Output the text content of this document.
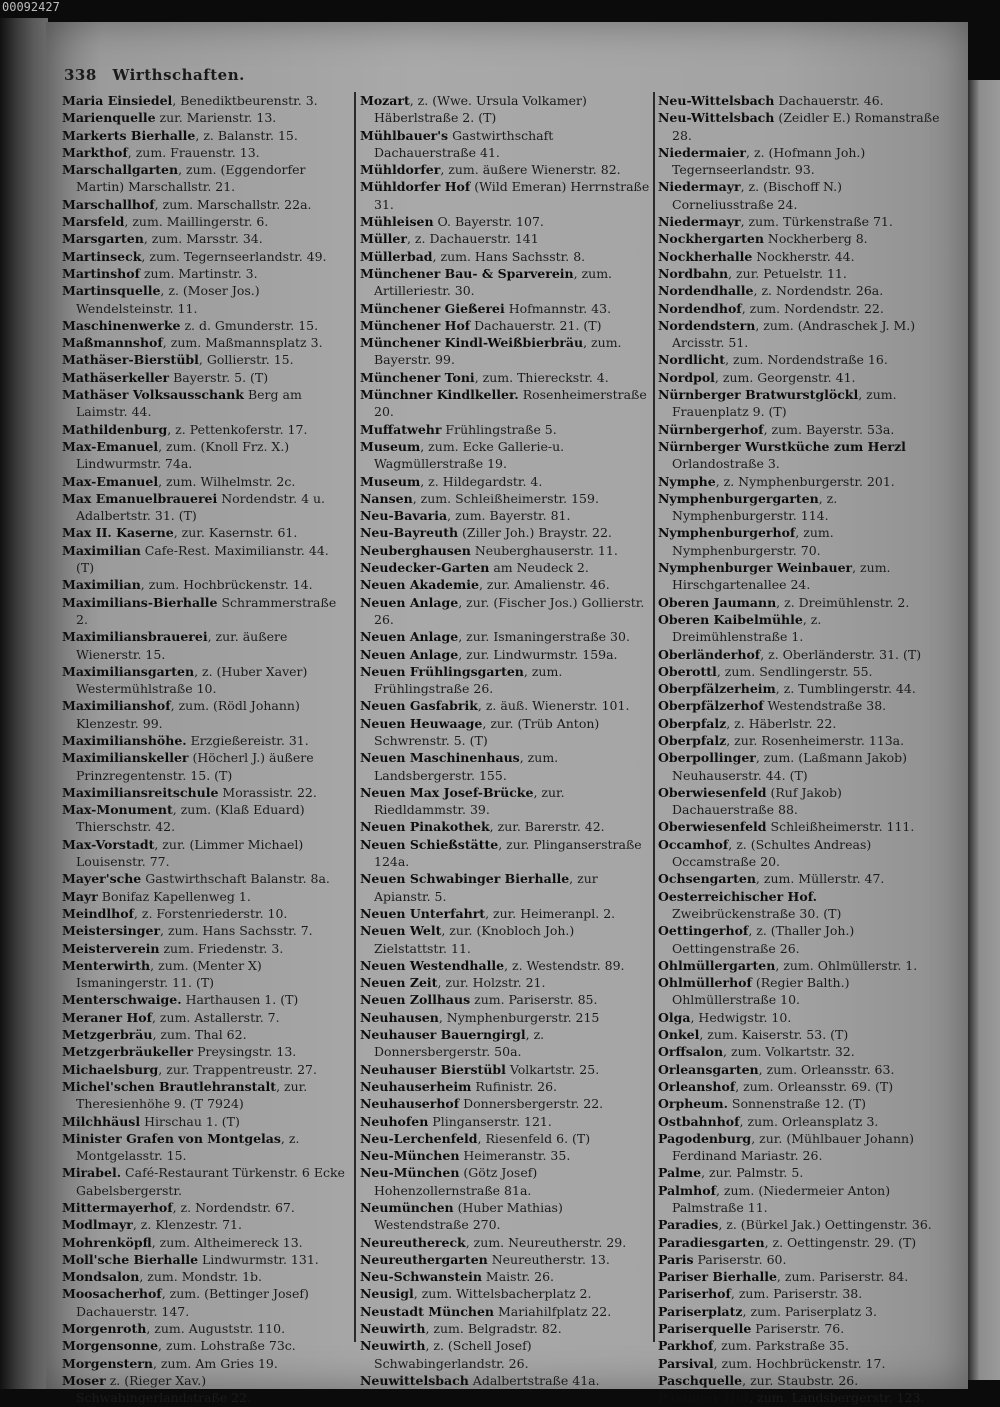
00092427
338 Wirthschaften.
Maria Einsiedel, Benediktbeurenstr. 3.
Marienquelle zur. Marienstr. 13.
Markerts Bierhalle, z. Balanstr. 15.
Markthof, zum. Frauenstr. 13.
Marschallgarten, zum. (Eggendorfer Martin) Marschallstr. 21.
Marschallhof, zum. Marschallstr. 22a.
Marsfeld, zum. Maillingerstr. 6.
Marsgarten, zum. Marsstr. 34.
Martinseck, zum. Tegernseerlandstr. 49.
Martinshof zum. Martinstr. 3.
Martinsquelle, z. (Moser Jos.) Wendelsteinstr. 11.
Maschinenwerke z. d. Gmunderstr. 15.
Maßmannshof, zum. Maßmannsplatz 3.
Mathäser-Bierstübl, Gollierstr. 15.
Mathäserkeller Bayerstr. 5. (T)
Mathäser Volksausschank Berg am Laimstr. 44.
Mathildenburg, z. Pettenkoferstr. 17.
Max-Emanuel, zum. (Knoll Frz. X.) Lindwurmstr. 74a.
Max-Emanuel, zum. Wilhelmstr. 2c.
Max Emanuelbrauerei Nordendstr. 4 u. Adalbertstr. 31. (T)
Max II. Kaserne, zur. Kasernstr. 61.
Maximilian Cafe-Rest. Maximilianstr. 44. (T)
Maximilian, zum. Hochbrückenstr. 14.
Maximilians-Bierhalle Schrammerstraße 2.
Maximiliansbrauerei, zur. äußere Wienerstr. 15.
Maximiliansgarten, z. (Huber Xaver) Westermühlstraße 10.
Maximilianshof, zum. (Rödl Johann) Klenzestr. 99.
Maximilianshöhe. Erzgießereistr. 31.
Maximilianskeller (Höcherl J.) äußere Prinzregentenstr. 15. (T)
Maximiliansreitschule Morassistr. 22.
Max-Monument, zum. (Klaß Eduard) Thierschstr. 42.
Max-Vorstadt, zur. (Limmer Michael) Louisenstr. 77.
Mayer'sche Gastwirthschaft Balanstr. 8a.
Mayr Bonifaz Kapellenweg 1.
Meindlhof, z. Forstenriederstr. 10.
Meistersinger, zum. Hans Sachsstr. 7.
Meisterverein zum. Friedenstr. 3.
Menterwirth, zum. (Menter X) Ismaningerstr. 11. (T)
Menterschwaige. Harthausen 1. (T)
Meraner Hof, zum. Astallerstr. 7.
Metzgerbräu, zum. Thal 62.
Metzgerbräukeller Preysingstr. 13.
Michaelsburg, zur. Trappentreustr. 27.
Michel'schen Brautlehranstalt, zur. Theresienhöhe 9. (T 7924)
Milchhäusl Hirschau 1. (T)
Minister Grafen von Montgelas, z. Montgelasstr. 15.
Mirabel. Café-Restaurant Türkenstr. 6 Ecke Gabelsbergerstr.
Mittermayerhof, z. Nordendstr. 67.
Modlmayr, z. Klenzestr. 71.
Mohrenköpfl, zum. Altheimereck 13.
Moll'sche Bierhalle Lindwurmstr. 131.
Mondsalon, zum. Mondstr. 1b.
Moosacherhof, zum. (Bettinger Josef) Dachauerstr. 147.
Morgenroth, zum. Auguststr. 110.
Morgensonne, zum. Lohstraße 73c.
Morgenstern, zum. Am Gries 19.
Moser z. (Rieger Xav.) Schwabingerlandstraße 22.
Mozart, z. (Wwe. Ursula Volkamer) Häberlstraße 2. (T)
Mühlbauer's Gastwirthschaft Dachauerstraße 41.
Mühldorfer, zum. äußere Wienerstr. 82.
Mühldorfer Hof (Wild Emeran) Herrnstraße 31.
Mühleisen O. Bayerstr. 107.
Müller, z. Dachauerstr. 141
Müllerbad, zum. Hans Sachsstr. 8.
Münchener Bau- & Sparverein, zum. Artilleriestr. 30.
Münchener Gießerei Hofmannstr. 43.
Münchener Hof Dachauerstr. 21. (T)
Münchener Kindl-Weißbierbräu, zum. Bayerstr. 99.
Münchener Toni, zum. Thiereckstr. 4.
Münchner Kindlkeller. Rosenheimerstraße 20.
Muffatwehr Frühlingstraße 5.
Museum, zum. Ecke Gallerie-u. Wagmüllerstraße 19.
Museum, z. Hildegardstr. 4.
Nansen, zum. Schleißheimerstr. 159.
Neu-Bavaria, zum. Bayerstr. 81.
Neu-Bayreuth (Ziller Joh.) Braystr. 22.
Neuberghausen Neuberghauserstr. 11.
Neudecker-Garten am Neudeck 2.
Neuen Akademie, zur. Amalienstr. 46.
Neuen Anlage, zur. (Fischer Jos.) Gollierstr. 26.
Neuen Anlage, zur. Ismaningerstraße 30.
Neuen Anlage, zur. Lindwurmstr. 159a.
Neuen Frühlingsgarten, zum. Frühlingstraße 26.
Neuen Gasfabrik, z. äuß. Wienerstr. 101.
Neuen Heuwaage, zur. (Trüb Anton) Schwrenstr. 5. (T)
Neuen Maschinenhaus, zum. Landsbergerstr. 155.
Neuen Max Josef-Brücke, zur. Riedldammstr. 39.
Neuen Pinakothek, zur. Barerstr. 42.
Neuen Schießstätte, zur. Plinganserstraße 124a.
Neuen Schwabinger Bierhalle, zur Apianstr. 5.
Neuen Unterfahrt, zur. Heimeranpl. 2.
Neuen Welt, zur. (Knobloch Joh.) Zielstattstr. 11.
Neuen Westendhalle, z. Westendstr. 89.
Neuen Zeit, zur. Holzstr. 21.
Neuen Zollhaus zum. Pariserstr. 85.
Neuhausen, Nymphenburgerstr. 215
Neuhauser Bauerngirgl, z. Donnersbergerstr. 50a.
Neuhauser Bierstübl Volkartstr. 25.
Neuhauserheim Rufinistr. 26.
Neuhauserhof Donnersbergerstr. 22.
Neuhofen Plinganserstr. 121.
Neu-Lerchenfeld, Riesenfeld 6. (T)
Neu-München Heimeranstr. 35.
Neu-München (Götz Josef) Hohenzollernstraße 81a.
Neumünchen (Huber Mathias) Westendstraße 270.
Neureuthereck, zum. Neureutherstr. 29.
Neureuthergarten Neureutherstr. 13.
Neu-Schwanstein Maistr. 26.
Neusigl, zum. Wittelsbacherplatz 2.
Neustadt München Mariahilfplatz 22.
Neuwirth, zum. Belgradstr. 82.
Neuwirth, z. (Schell Josef) Schwabingerlandstr. 26.
Neuwittelsbach Adalbertstraße 41a.
Neu-Wittelsbach Dachauerstr. 46.
Neu-Wittelsbach (Zeidler E.) Romanstraße 28.
Niedermaier, z. (Hofmann Joh.) Tegernseerlandstr. 93.
Niedermayr, z. (Bischoff N.) Corneliusstraße 24.
Niedermayr, zum. Türkenstraße 71.
Nockhergarten Nockherberg 8.
Nockherhalle Nockherstr. 44.
Nordbahn, zur. Petuelstr. 11.
Nordendhalle, z. Nordendstr. 26a.
Nordendhof, zum. Nordendstr. 22.
Nordendstern, zum. (Andraschek J. M.) Arcisstr. 51.
Nordlicht, zum. Nordendstraße 16.
Nordpol, zum. Georgenstr. 41.
Nürnberger Bratwurstglöckl, zum. Frauenplatz 9. (T)
Nürnbergerhof, zum. Bayerstr. 53a.
Nürnberger Wurstküche zum Herzl Orlandostraße 3.
Nymphe, z. Nymphenburgerstr. 201.
Nymphenburgergarten, z. Nymphenburgerstr. 114.
Nymphenburgerhof, zum. Nymphenburgerstr. 70.
Nymphenburger Weinbauer, zum. Hirschgartenallee 24.
Oberen Jaumann, z. Dreimühlenstr. 2.
Oberen Kaibelmühle, z. Dreimühlenstraße 1.
Oberländerhof, z. Oberländerstr. 31. (T)
Oberottl, zum. Sendlingerstr. 55.
Oberpfälzerheim, z. Tumblingerstr. 44.
Oberpfälzerhof Westendstraße 38.
Oberpfalz, z. Häberlstr. 22.
Oberpfalz, zur. Rosenheimerstr. 113a.
Oberpollinger, zum. (Laßmann Jakob) Neuhauserstr. 44. (T)
Oberwiesenfeld (Ruf Jakob) Dachauerstraße 88.
Oberwiesenfeld Schleißheimerstr. 111.
Occamhof, z. (Schultes Andreas) Occamstraße 20.
Ochsengarten, zum. Müllerstr. 47.
Oesterreichischer Hof. Zweibrückenstraße 30. (T)
Oettingerhof, z. (Thaller Joh.) Oettingenstraße 26.
Ohlmüllergarten, zum. Ohlmüllerstr. 1.
Ohlmüllerhof (Regier Balth.) Ohlmüllerstraße 10.
Olga, Hedwigstr. 10.
Onkel, zum. Kaiserstr. 53. (T)
Orffsalon, zum. Volkartstr. 32.
Orleansgarten, zum. Orleansstr. 63.
Orleanshof, zum. Orleansstr. 69. (T)
Orpheum. Sonnenstraße 12. (T)
Ostbahnhof, zum. Orleansplatz 3.
Pagodenburg, zur. (Mühlbauer Johann) Ferdinand Mariastr. 26.
Palme, zur. Palmstr. 5.
Palmhof, zum. (Niedermeier Anton) Palmstraße 11.
Paradies, z. (Bürkel Jak.) Oettingenstr. 36.
Paradiesgarten, z. Oettingenstr. 29. (T)
Paris Pariserstr. 60.
Pariser Bierhalle, zum. Pariserstr. 84.
Pariserhof, zum. Pariserstr. 38.
Pariserplatz, zum. Pariserplatz 3.
Pariserquelle Pariserstr. 76.
Parkhof, zum. Parkstraße 35.
Parsival, zum. Hochbrückenstr. 17.
Paschquelle, zur. Staubstr. 26.
Pasinger Hof, zum. Landsbergerstr. 123.
